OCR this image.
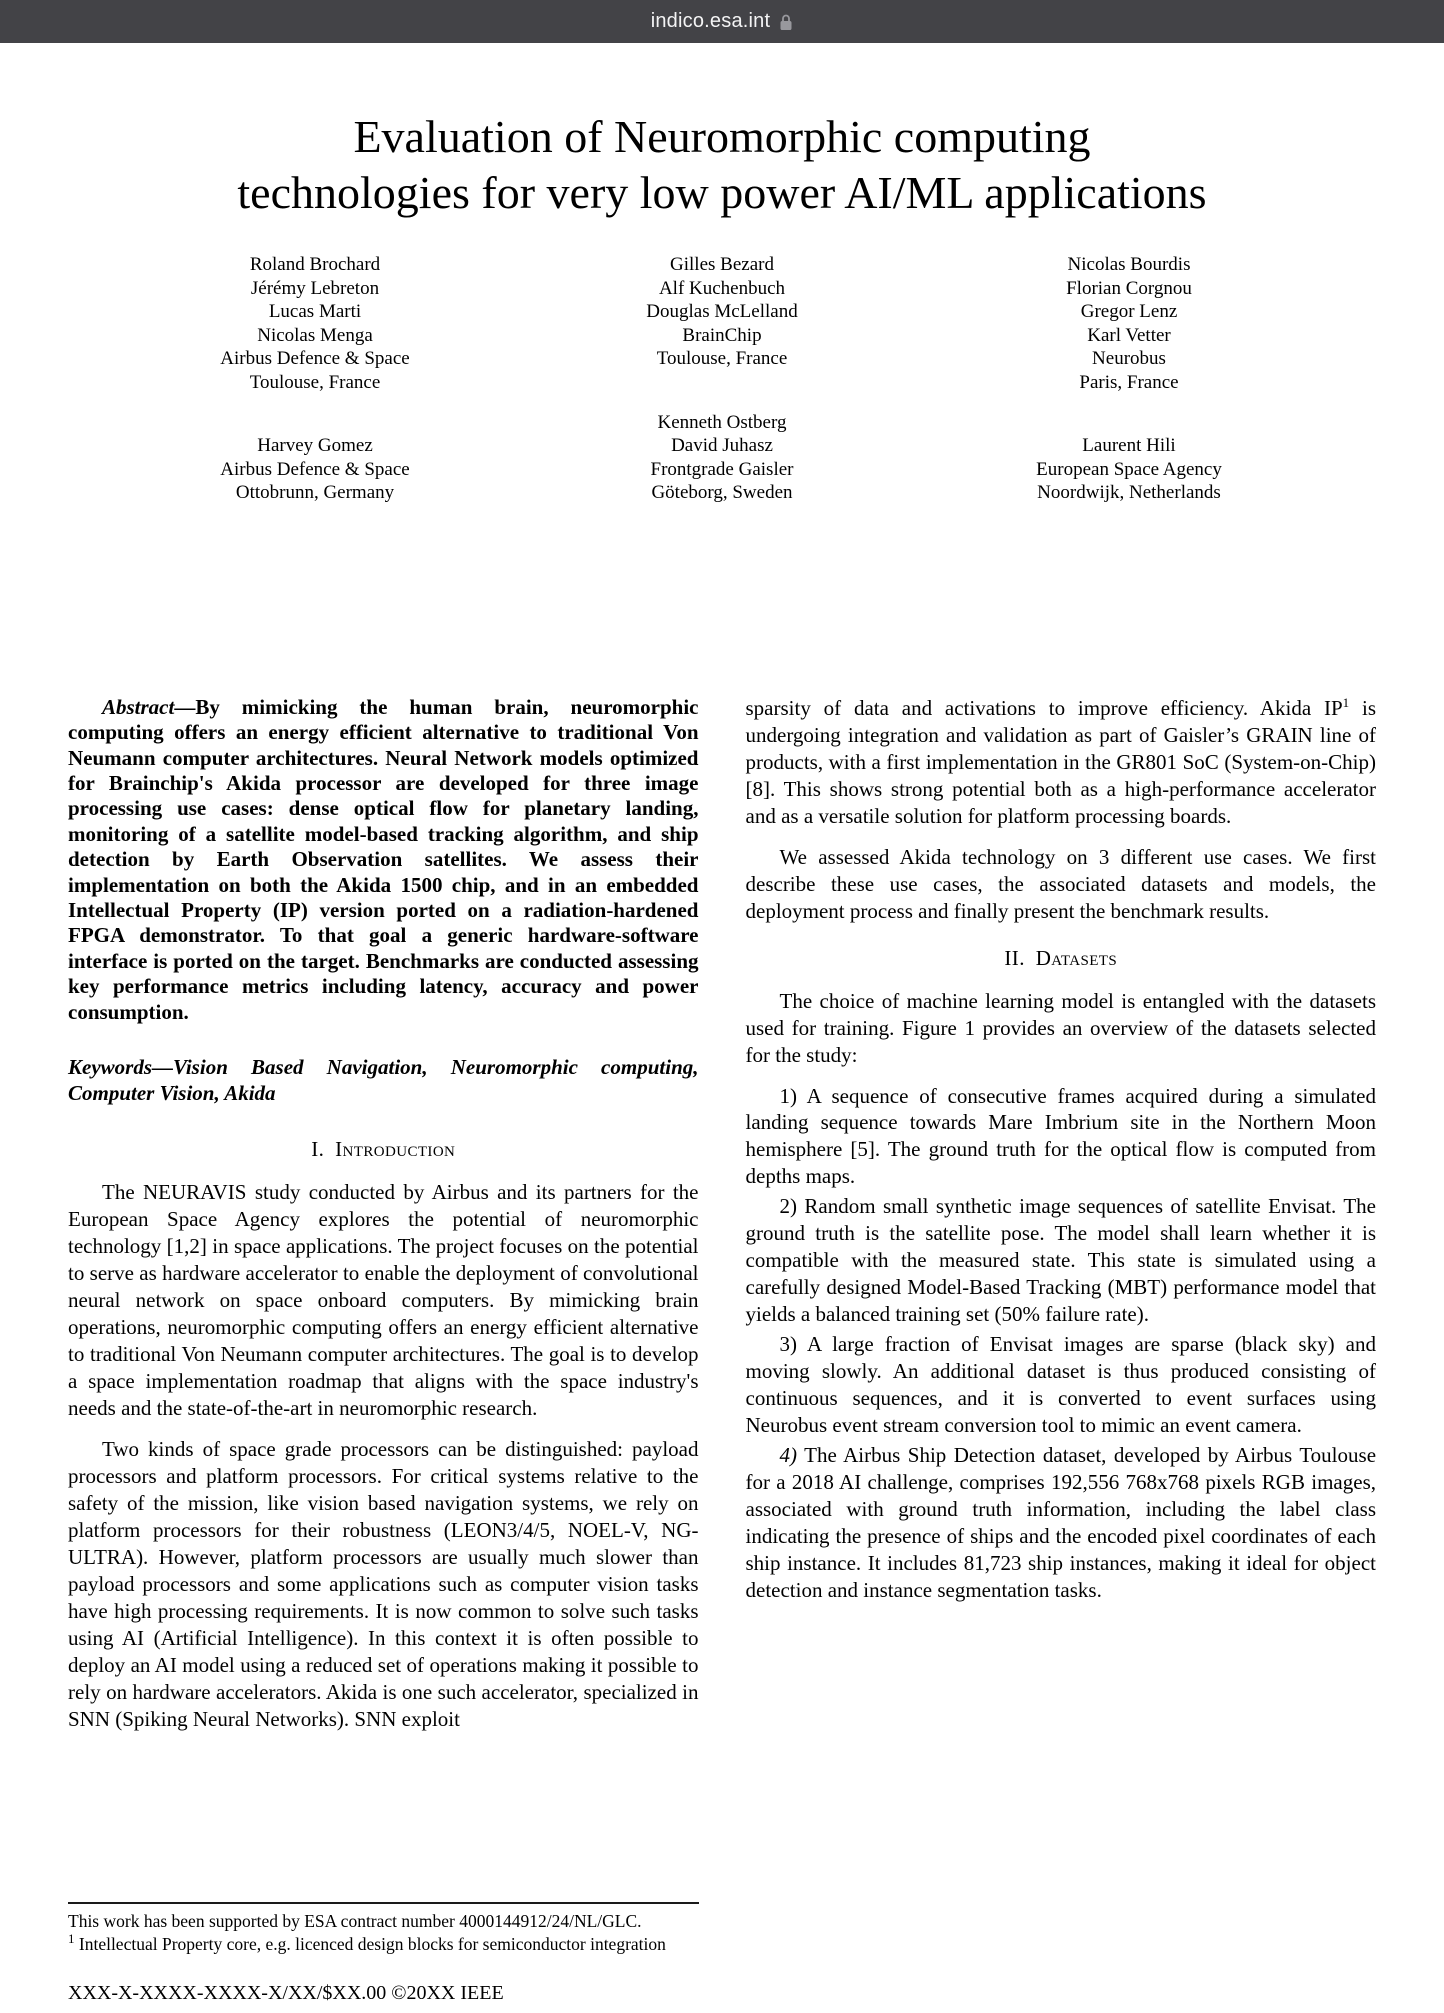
indico.esa.int
Evaluation of Neuromorphic computing
technologies for very low power AI/ML applications
Roland Brochard
Jérémy Lebreton
Lucas Marti
Nicolas Menga
Airbus Defence & Space
Toulouse, France
Gilles Bezard
Alf Kuchenbuch
Douglas McLelland
BrainChip
Toulouse, France
Nicolas Bourdis
Florian Corgnou
Gregor Lenz
Karl Vetter
Neurobus
Paris, France
Harvey Gomez
Airbus Defence & Space
Ottobrunn, Germany
Kenneth Ostberg
David Juhasz
Frontgrade Gaisler
Göteborg, Sweden
Laurent Hili
European Space Agency
Noordwijk, Netherlands

Abstract—By mimicking the human brain, neuromorphic computing offers an energy efficient alternative to traditional Von Neumann computer architectures. Neural Network models optimized for Brainchip's Akida processor are developed for three image processing use cases: dense optical flow for planetary landing, monitoring of a satellite model-based tracking algorithm, and ship detection by Earth Observation satellites. We assess their implementation on both the Akida 1500 chip, and in an embedded Intellectual Property (IP) version ported on a radiation-hardened FPGA demonstrator. To that goal a generic hardware-software interface is ported on the target. Benchmarks are conducted assessing key performance metrics including latency, accuracy and power consumption.

Keywords—Vision Based Navigation, Neuromorphic computing, Computer Vision, Akida

I. Introduction

The NEURAVIS study conducted by Airbus and its partners for the European Space Agency explores the potential of neuromorphic technology [1,2] in space applications. The project focuses on the potential to serve as hardware accelerator to enable the deployment of convolutional neural network on space onboard computers. By mimicking brain operations, neuromorphic computing offers an energy efficient alternative to traditional Von Neumann computer architectures. The goal is to develop a space implementation roadmap that aligns with the space industry's needs and the state-of-the-art in neuromorphic research.

Two kinds of space grade processors can be distinguished: payload processors and platform processors. For critical systems relative to the safety of the mission, like vision based navigation systems, we rely on platform processors for their robustness (LEON3/4/5, NOEL-V, NG-ULTRA). However, platform processors are usually much slower than payload processors and some applications such as computer vision tasks have high processing requirements. It is now common to solve such tasks using AI (Artificial Intelligence). In this context it is often possible to deploy an AI model using a reduced set of operations making it possible to rely on hardware accelerators. Akida is one such accelerator, specialized in SNN (Spiking Neural Networks). SNN exploit

This work has been supported by ESA contract number 4000144912/24/NL/GLC.

$^1$ Intellectual Property core, e.g. licenced design blocks for semiconductor integration

XXX-X-XXXX-XXXX-X/XX/$XX.00 ©20XX IEEE

sparsity of data and activations to improve efficiency. Akida $IP^1$ is undergoing integration and validation as part of Gaisler’s GRAIN line of products, with a first implementation in the GR801 SoC (System-on-Chip) [8]. This shows strong potential both as a high-performance accelerator and as a versatile solution for platform processing boards.

We assessed Akida technology on 3 different use cases. We first describe these use cases, the associated datasets and models, the deployment process and finally present the benchmark results.

II. Datasets

The choice of machine learning model is entangled with the datasets used for training. Figure 1 provides an overview of the datasets selected for the study:

1) A sequence of consecutive frames acquired during a simulated landing sequence towards Mare Imbrium site in the Northern Moon hemisphere [5]. The ground truth for the optical flow is computed from depths maps.

2) Random small synthetic image sequences of satellite Envisat. The ground truth is the satellite pose. The model shall learn whether it is compatible with the measured state. This state is simulated using a carefully designed Model-Based Tracking (MBT) performance model that yields a balanced training set (50% failure rate).

3) A large fraction of Envisat images are sparse (black sky) and moving slowly. An additional dataset is thus produced consisting of continuous sequences, and it is converted to event surfaces using Neurobus event stream conversion tool to mimic an event camera.

4) The Airbus Ship Detection dataset, developed by Airbus Toulouse for a 2018 AI challenge, comprises 192,556 768x768 pixels RGB images, associated with ground truth information, including the label class indicating the presence of ships and the encoded pixel coordinates of each ship instance. It includes 81,723 ship instances, making it ideal for object detection and instance segmentation tasks.
